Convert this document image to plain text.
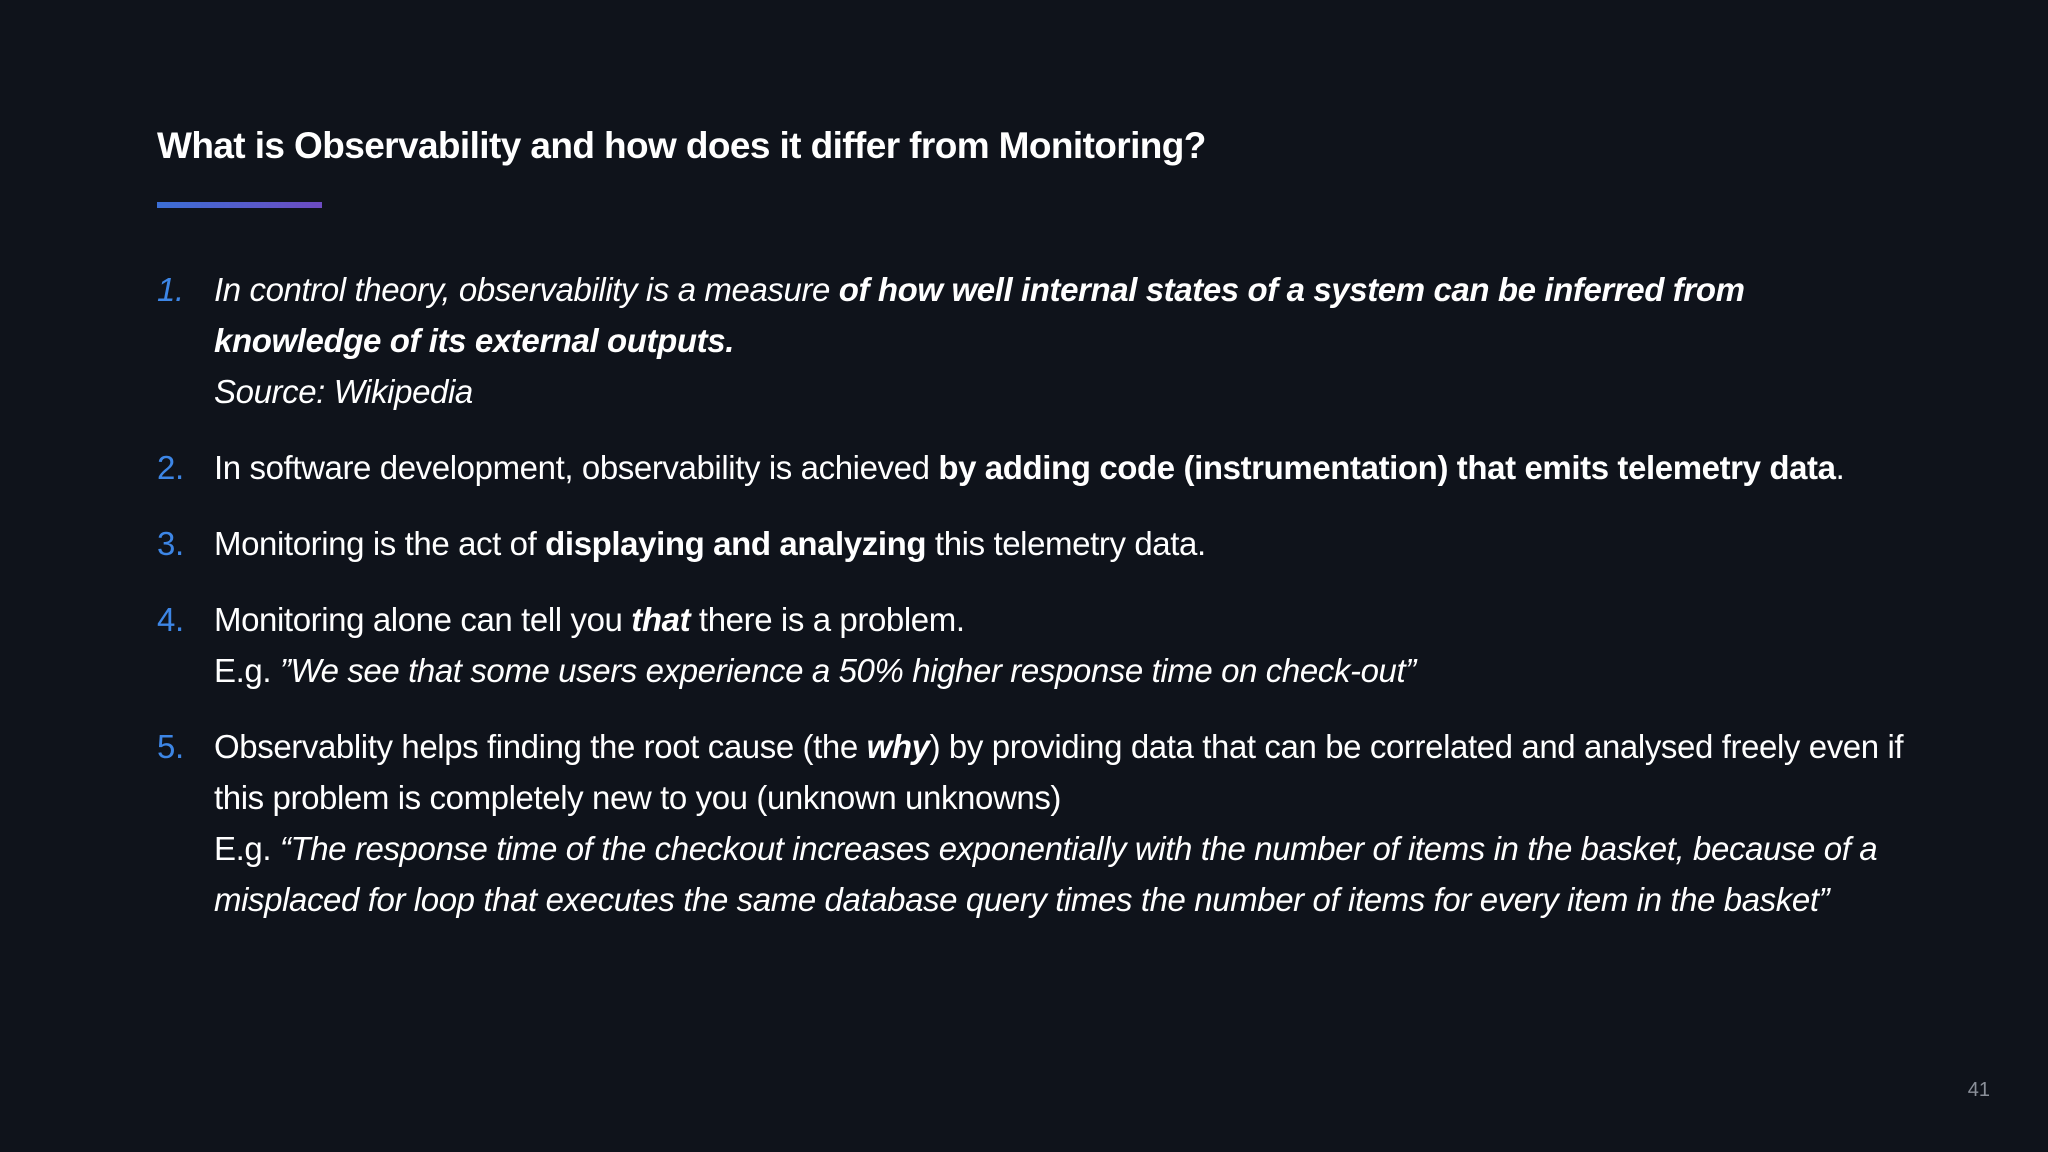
What is Observability and how does it differ from Monitoring?
1. In control theory, observability is a measure of how well internal states of a system can be inferred from knowledge of its external outputs.
Source: Wikipedia
2. In software development, observability is achieved by adding code (instrumentation) that emits telemetry data.
3. Monitoring is the act of displaying and analyzing this telemetry data.
4. Monitoring alone can tell you that there is a problem.
E.g. ”We see that some users experience a 50% higher response time on check-out”
5. Observablity helps finding the root cause (the why) by providing data that can be correlated and analysed freely even if this problem is completely new to you (unknown unknowns)
E.g. “The response time of the checkout increases exponentially with the number of items in the basket, because of a misplaced for loop that executes the same database query times the number of items for every item in the basket”
41
